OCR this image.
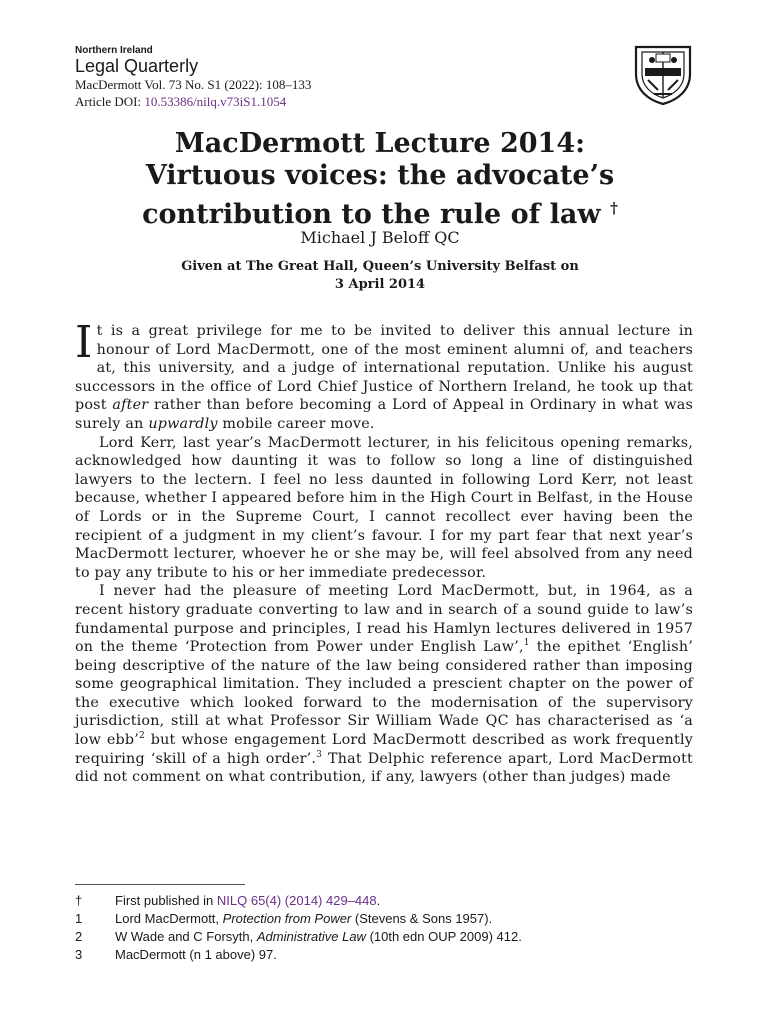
Northern Ireland
Legal Quarterly
MacDermott Vol. 73 No. S1 (2022): 108–133
Article DOI: 10.53386/nilq.v73iS1.1054
MacDermott Lecture 2014:
Virtuous voices: the advocate’s
contribution to the rule of law †
Michael J Beloff QC
Given at The Great Hall, Queen’s University Belfast on
3 April 2014

It is a great privilege for me to be invited to deliver this annual lecture in honour of Lord MacDermott, one of the most eminent alumni of, and teachers at, this university, and a judge of international reputation. Unlike his august successors in the office of Lord Chief Justice of Northern Ireland, he took up that post after rather than before becoming a Lord of Appeal in Ordinary in what was surely an upwardly mobile career move.

Lord Kerr, last year’s MacDermott lecturer, in his felicitous opening remarks, acknowledged how daunting it was to follow so long a line of distinguished lawyers to the lectern. I feel no less daunted in following Lord Kerr, not least because, whether I appeared before him in the High Court in Belfast, in the House of Lords or in the Supreme Court, I cannot recollect ever having been the recipient of a judgment in my client’s favour. I for my part fear that next year’s MacDermott lecturer, whoever he or she may be, will feel absolved from any need to pay any tribute to his or her immediate predecessor.

I never had the pleasure of meeting Lord MacDermott, but, in 1964, as a recent history graduate converting to law and in search of a sound guide to law’s fundamental purpose and principles, I read his Hamlyn lectures delivered in 1957 on the theme ‘Protection from Power under English Law’,$^1$ the epithet ‘English’ being descriptive of the nature of the law being considered rather than imposing some geographical limitation. They included a prescient chapter on the power of the executive which looked forward to the modernisation of the supervisory jurisdiction, still at what Professor Sir William Wade QC has characterised as ‘a low ebb’$^2$ but whose engagement Lord MacDermott described as work frequently requiring ‘skill of a high order’.$^3$ That Delphic reference apart, Lord MacDermott did not comment on what contribution, if any, lawyers (other than judges) made

†	First published in NILQ 65(4) (2014) 429–448.
1	Lord MacDermott, Protection from Power (Stevens & Sons 1957).
2	W Wade and C Forsyth, Administrative Law (10th edn OUP 2009) 412.
3	MacDermott (n 1 above) 97.
